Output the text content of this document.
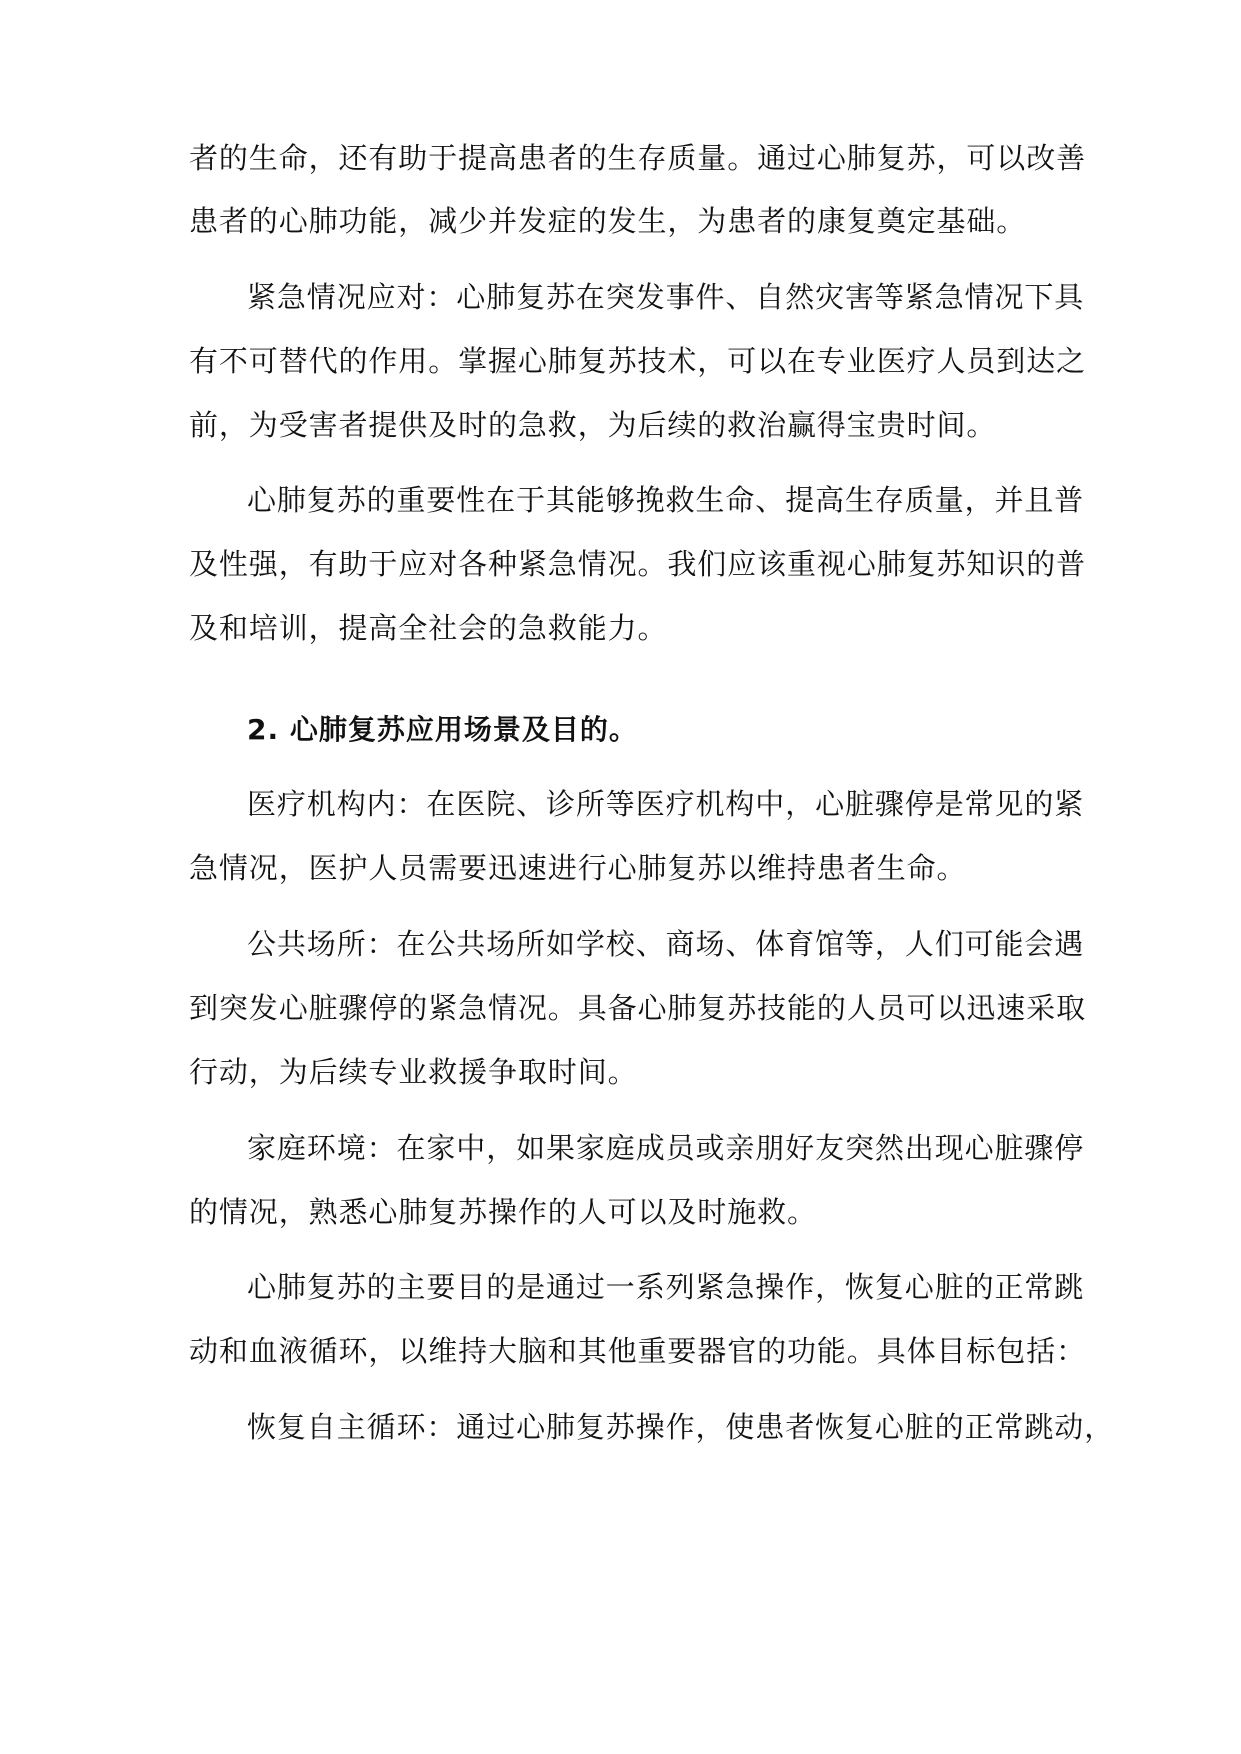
者的生命，还有助于提高患者的生存质量。通过心肺复苏，可以改善
患者的心肺功能，减少并发症的发生，为患者的康复奠定基础。
紧急情况应对：心肺复苏在突发事件、自然灾害等紧急情况下具
有不可替代的作用。掌握心肺复苏技术，可以在专业医疗人员到达之
前，为受害者提供及时的急救，为后续的救治赢得宝贵时间。
心肺复苏的重要性在于其能够挽救生命、提高生存质量，并且普
及性强，有助于应对各种紧急情况。我们应该重视心肺复苏知识的普
及和培训，提高全社会的急救能力。
2. 心肺复苏应用场景及目的。
医疗机构内：在医院、诊所等医疗机构中，心脏骤停是常见的紧
急情况，医护人员需要迅速进行心肺复苏以维持患者生命。
公共场所：在公共场所如学校、商场、体育馆等，人们可能会遇
到突发心脏骤停的紧急情况。具备心肺复苏技能的人员可以迅速采取
行动，为后续专业救援争取时间。
家庭环境：在家中，如果家庭成员或亲朋好友突然出现心脏骤停
的情况，熟悉心肺复苏操作的人可以及时施救。
心肺复苏的主要目的是通过一系列紧急操作，恢复心脏的正常跳
动和血液循环，以维持大脑和其他重要器官的功能。具体目标包括：
恢复自主循环：通过心肺复苏操作，使患者恢复心脏的正常跳动，
